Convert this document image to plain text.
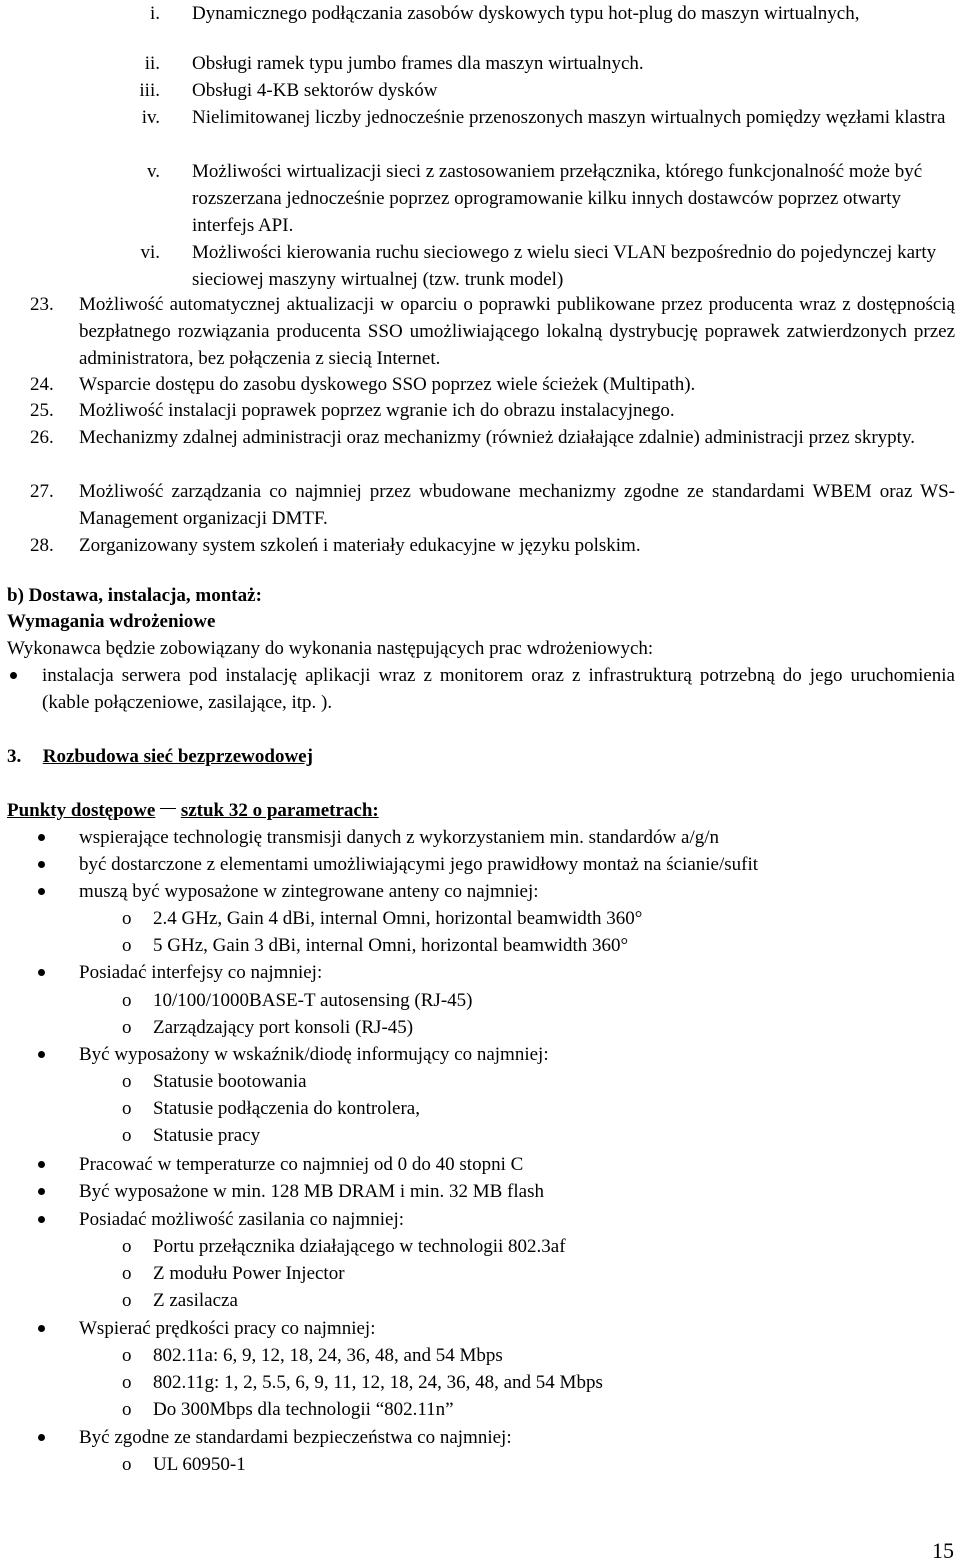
i. Dynamicznego podłączania zasobów dyskowych typu hot-plug do maszyn wirtualnych,
ii. Obsługi ramek typu jumbo frames dla maszyn wirtualnych.
iii. Obsługi 4-KB sektorów dysków
iv. Nielimitowanej liczby jednocześnie przenoszonych maszyn wirtualnych pomiędzy węzłami klastra
v. Możliwości wirtualizacji sieci z zastosowaniem przełącznika, którego funkcjonalność może być rozszerzana jednocześnie poprzez oprogramowanie kilku innych dostawców poprzez otwarty interfejs API.
vi. Możliwości kierowania ruchu sieciowego z wielu sieci VLAN bezpośrednio do pojedynczej karty sieciowej maszyny wirtualnej (tzw. trunk model)
23.	Możliwość automatycznej aktualizacji w oparciu o poprawki publikowane przez producenta wraz z dostępnością bezpłatnego rozwiązania producenta SSO umożliwiającego lokalną dystrybucję poprawek zatwierdzonych przez administratora, bez połączenia z siecią Internet.
24.	Wsparcie dostępu do zasobu dyskowego SSO poprzez wiele ścieżek (Multipath).
25.	Możliwość instalacji poprawek poprzez wgranie ich do obrazu instalacyjnego.
26.	Mechanizmy zdalnej administracji oraz mechanizmy (również działające zdalnie) administracji przez skrypty.
27.	Możliwość zarządzania co najmniej przez wbudowane mechanizmy zgodne ze standardami WBEM oraz WS-Management organizacji DMTF.
28.	Zorganizowany system szkoleń i materiały edukacyjne w języku polskim.
b) Dostawa, instalacja, montaż:
Wymagania wdrożeniowe
Wykonawca będzie zobowiązany do wykonania następujących prac wdrożeniowych:
instalacja serwera pod instalację aplikacji wraz z monitorem oraz z infrastrukturą potrzebną do jego uruchomienia (kable połączeniowe, zasilające, itp. ).
3. Rozbudowa sieć bezprzewodowej
Punkty dostępowe sztuk 32 o parametrach:
wspierające technologię transmisji danych z wykorzystaniem min. standardów a/g/n
być dostarczone z elementami umożliwiającymi jego prawidłowy montaż na ścianie/sufit
muszą być wyposażone w zintegrowane anteny co najmniej:
o 2.4 GHz, Gain 4 dBi, internal Omni, horizontal beamwidth 360°
o 5 GHz, Gain 3 dBi, internal Omni, horizontal beamwidth 360°
Posiadać interfejsy co najmniej:
o 10/100/1000BASE-T autosensing (RJ-45)
o Zarządzający port konsoli (RJ-45)
Być wyposażony w wskaźnik/diodę informujący co najmniej:
o Statusie bootowania
o Statusie podłączenia do kontrolera,
o Statusie pracy
Pracować w temperaturze co najmniej od 0 do 40 stopni C
Być wyposażone w min. 128 MB DRAM i min. 32 MB flash
Posiadać możliwość zasilania co najmniej:
o Portu przełącznika działającego w technologii 802.3af
o Z modułu Power Injector
o Z zasilacza
Wspierać prędkości pracy co najmniej:
o 802.11a: 6, 9, 12, 18, 24, 36, 48, and 54 Mbps
o 802.11g: 1, 2, 5.5, 6, 9, 11, 12, 18, 24, 36, 48, and 54 Mbps
o Do 300Mbps dla technologii “802.11n”
Być zgodne ze standardami bezpieczeństwa co najmniej:
o UL 60950-1
15
